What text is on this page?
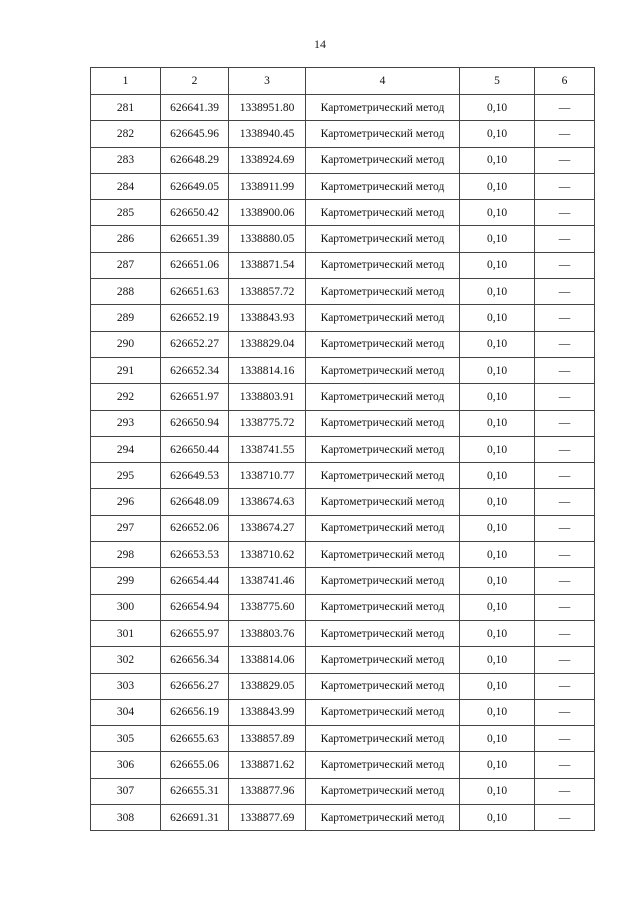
14
1	2	3	4	5	6
281	626641.39	1338951.80	Картометрический метод	0,10	—
282	626645.96	1338940.45	Картометрический метод	0,10	—
283	626648.29	1338924.69	Картометрический метод	0,10	—
284	626649.05	1338911.99	Картометрический метод	0,10	—
285	626650.42	1338900.06	Картометрический метод	0,10	—
286	626651.39	1338880.05	Картометрический метод	0,10	—
287	626651.06	1338871.54	Картометрический метод	0,10	—
288	626651.63	1338857.72	Картометрический метод	0,10	—
289	626652.19	1338843.93	Картометрический метод	0,10	—
290	626652.27	1338829.04	Картометрический метод	0,10	—
291	626652.34	1338814.16	Картометрический метод	0,10	—
292	626651.97	1338803.91	Картометрический метод	0,10	—
293	626650.94	1338775.72	Картометрический метод	0,10	—
294	626650.44	1338741.55	Картометрический метод	0,10	—
295	626649.53	1338710.77	Картометрический метод	0,10	—
296	626648.09	1338674.63	Картометрический метод	0,10	—
297	626652.06	1338674.27	Картометрический метод	0,10	—
298	626653.53	1338710.62	Картометрический метод	0,10	—
299	626654.44	1338741.46	Картометрический метод	0,10	—
300	626654.94	1338775.60	Картометрический метод	0,10	—
301	626655.97	1338803.76	Картометрический метод	0,10	—
302	626656.34	1338814.06	Картометрический метод	0,10	—
303	626656.27	1338829.05	Картометрический метод	0,10	—
304	626656.19	1338843.99	Картометрический метод	0,10	—
305	626655.63	1338857.89	Картометрический метод	0,10	—
306	626655.06	1338871.62	Картометрический метод	0,10	—
307	626655.31	1338877.96	Картометрический метод	0,10	—
308	626691.31	1338877.69	Картометрический метод	0,10	—
